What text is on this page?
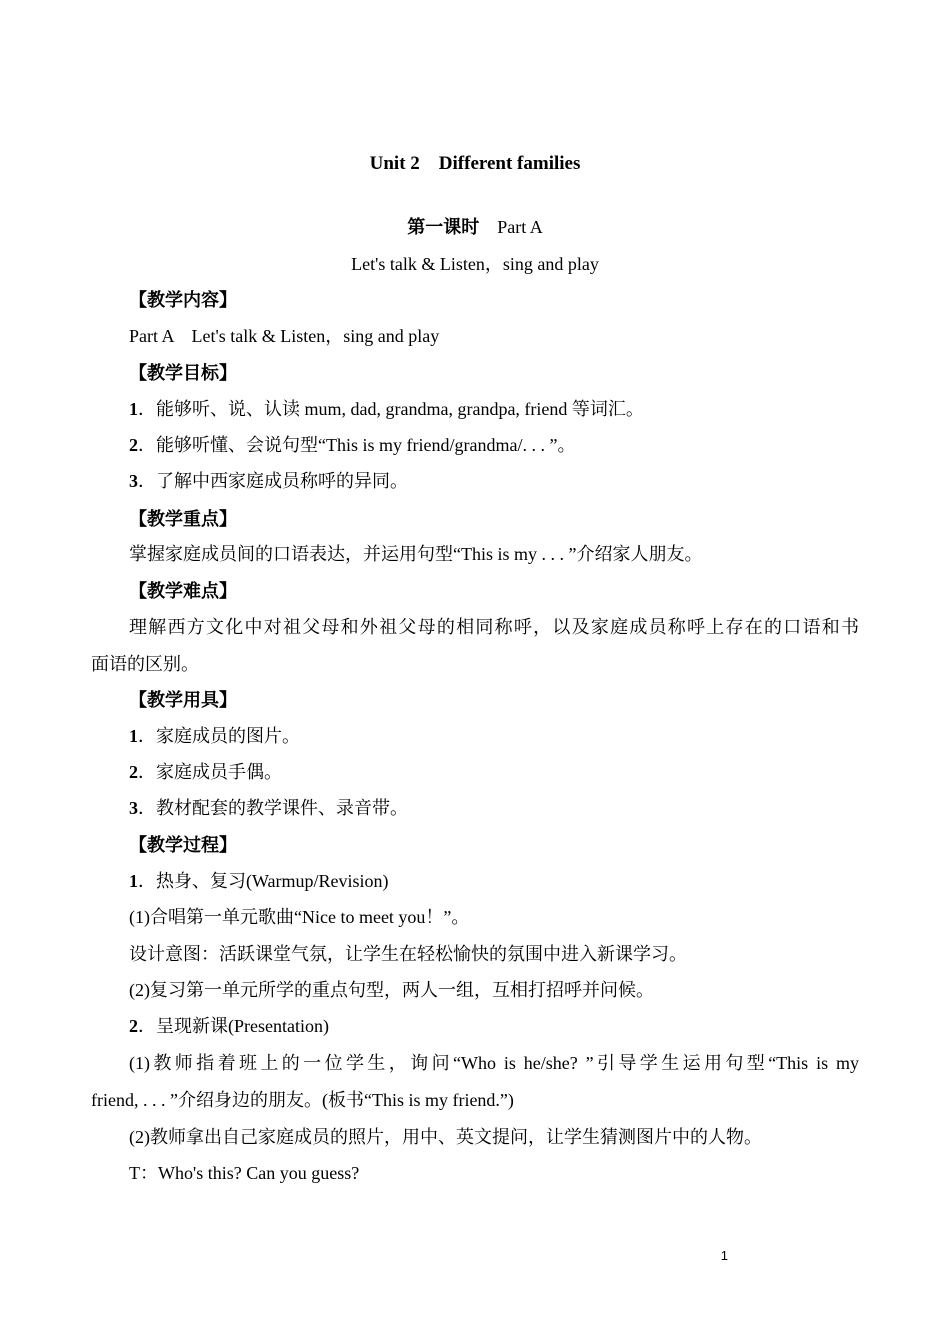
Unit 2　Different families
第一课时　 Part A
Let's talk & Listen，sing and play
【教学内容】
Part A　Let's talk & Listen，sing and play
【教学目标】
1．能够听、说、认读 mum, dad, grandma, grandpa, friend 等词汇。
2．能够听懂、会说句型“This is my friend/grandma/. . . ”。
3．了解中西家庭成员称呼的异同。
【教学重点】
掌握家庭成员间的口语表达，并运用句型“This is my . . . ”介绍家人朋友。
【教学难点】
理解西方文化中对祖父母和外祖父母的相同称呼，以及家庭成员称呼上存在的口语和书
面语的区别。
【教学用具】
1．家庭成员的图片。
2．家庭成员手偶。
3．教材配套的教学课件、录音带。
【教学过程】
1．热身、复习(Warmup/Revision)
(1)合唱第一单元歌曲“Nice to meet you！”。
设计意图：活跃课堂气氛，让学生在轻松愉快的氛围中进入新课学习。
(2)复习第一单元所学的重点句型，两人一组，互相打招呼并问候。
2．呈现新课(Presentation)
(1)教师指着班上的一位学生，询问“Who is he/she? ”引导学生运用句型“This is my
friend, . . . ”介绍身边的朋友。(板书“This is my friend.”)
(2)教师拿出自己家庭成员的照片，用中、英文提问，让学生猜测图片中的人物。
T：Who's this? Can you guess?
1
